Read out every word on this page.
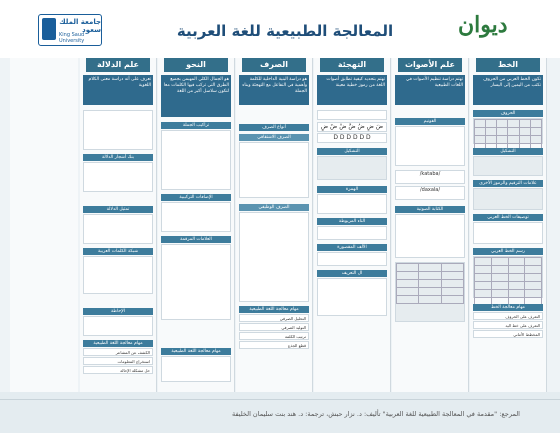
جامعة الملك سعود
King Saud University
المعالجة الطبيعية للغة العربية	ديوان
الخط
تكون الخط العربي من الحروف تكتب من اليمين إلى اليسار
الحروف

التشكيل
علامات الترقيم والرموز الأخرى
توصيفات الخط العربي
رسم الخط العربي

مهام معالجة الخط
التعرف على الحروف
التعرف على خط اليد
المخطط الأماني
علم الأصوات
تهتم دراسة تنظيم الأصوات في اللغات الطبيعية
الفونيم
/kataba/
/daxala/
الكتابة الصوتية

التهجئة
تهتم بتحديد كيفية تطابق أصوات اللغة من رموز خطية معينة
ضَ ضِ ضُ ضَّ ضْ ضً ضٍ
Ď Ď Ď Ď Ď Ď
التشكيل
الهمزة
التاء المربوطة
الألف المقصورة
ال التعريف
الصرف
هو دراسة البنية الداخلية للكلمة وأهمية في التفاعل مع التهجئة وبناء الجملة
أنواع الصرف
الصرف الاشتقاقي
الصرف الوظيفي
مهام معالجة اللغة الطبيعية
التحليل الصرفي
التوليد الصرفي
ترتيب الكلمة
قطع الجذع
النحو
هو الجمال الكلي المهيمن بجميع الطرق التي تركب فيها الكلمات معا لتكون سلاسل أكبر من اللغة
تراكيب الجملة
الإضافات التركيبية
العلامات المرقمة
مهام معالجة اللغة الطبيعية
علم الدلالة
تعرف على أنه دراسة معنى الكلام اللغوية
بنك أشجار الدلالة
تمثيل الدلالة
شبكة الكلمات العربية
الإحاطة
مهام معالجة اللغة الطبيعية
الكشف عن المشاعر
استخراج المعلومات
حل مشكلة الإحالة
المرجع: "مقدمة في المعالجة الطبيعية للغة العربية" تأليف: د. نزار حبش، ترجمة: د. هند بنت سليمان الخليفة
